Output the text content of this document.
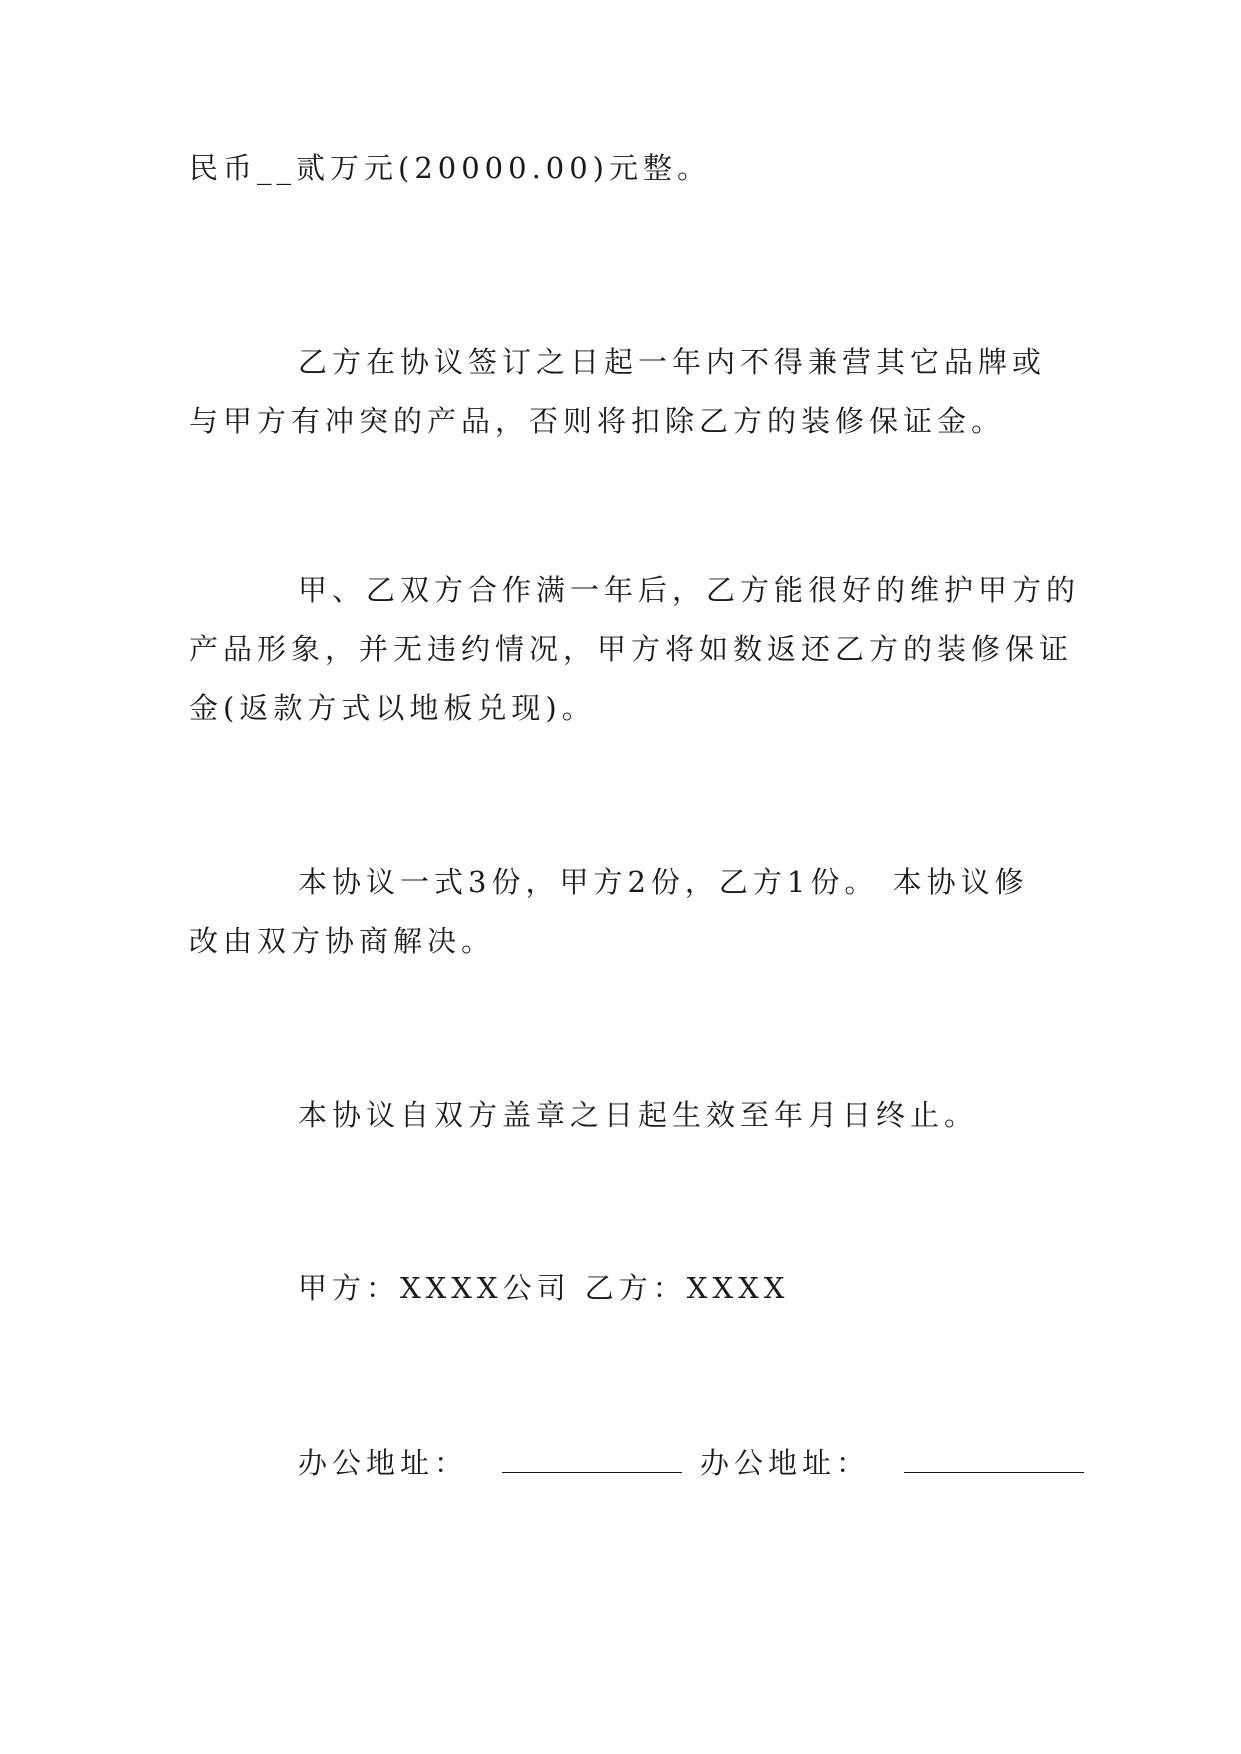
民币__贰万元(20000.00)元整。
乙方在协议签订之日起一年内不得兼营其它品牌或
与甲方有冲突的产品，否则将扣除乙方的装修保证金。
甲、乙双方合作满一年后，乙方能很好的维护甲方的
产品形象，并无违约情况，甲方将如数返还乙方的装修保证
金(返款方式以地板兑现)。
本协议一式3份，甲方2份，乙方1份。 本协议修
改由双方协商解决。
本协议自双方盖章之日起生效至年月日终止。
甲方：XXXX公司 乙方：XXXX
办公地址：	办公地址：
